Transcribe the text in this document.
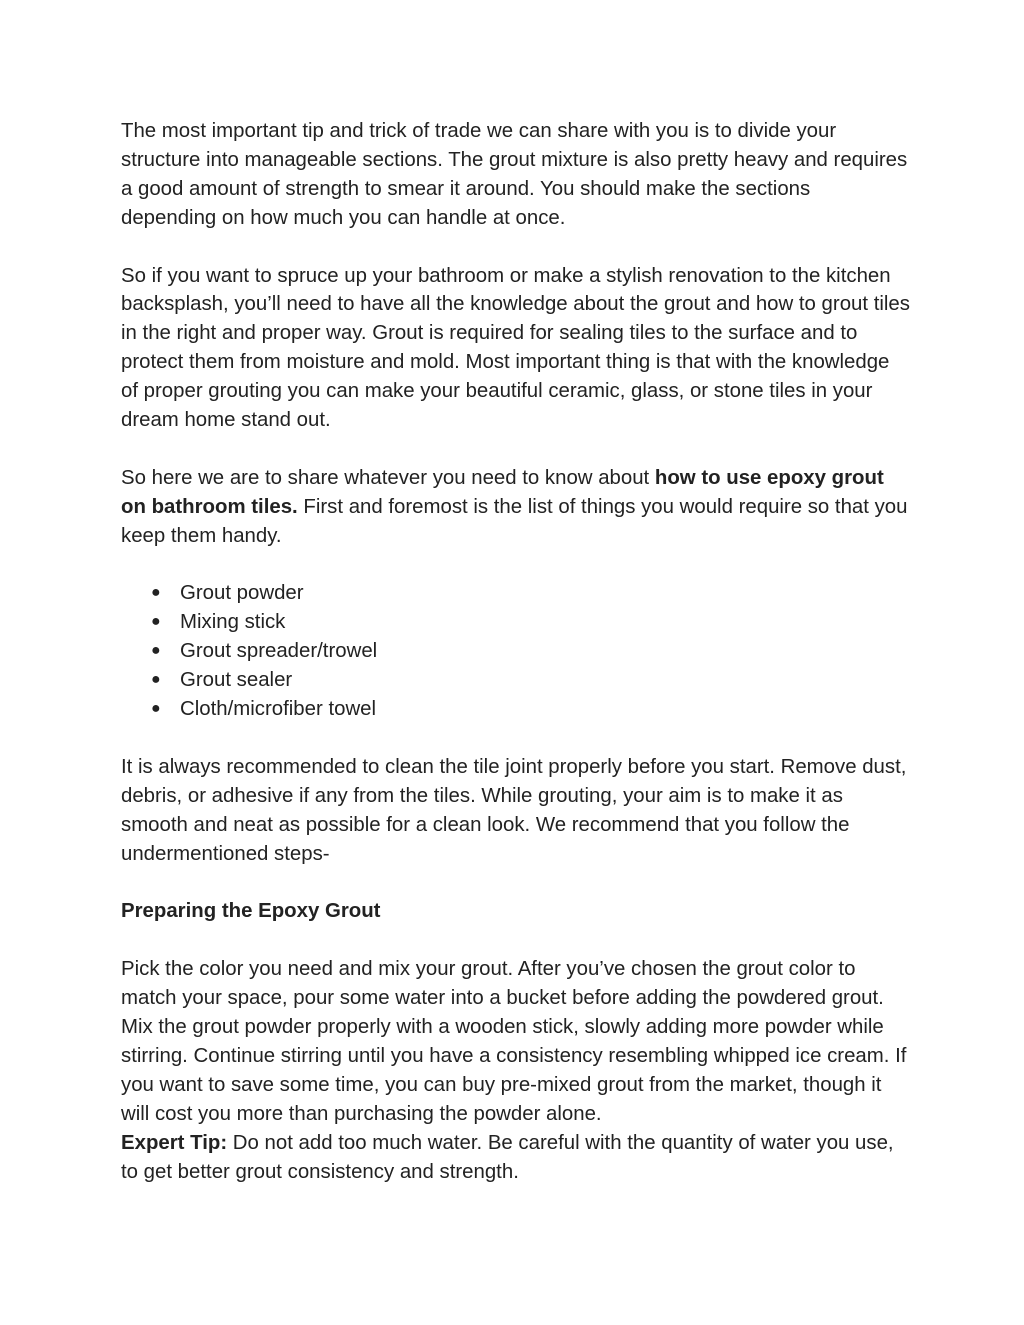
The most important tip and trick of trade we can share with you is to divide your structure into manageable sections. The grout mixture is also pretty heavy and requires a good amount of strength to smear it around. You should make the sections depending on how much you can handle at once.

So if you want to spruce up your bathroom or make a stylish renovation to the kitchen backsplash, you’ll need to have all the knowledge about the grout and how to grout tiles in the right and proper way. Grout is required for sealing tiles to the surface and to protect them from moisture and mold. Most important thing is that with the knowledge of proper grouting you can make your beautiful ceramic, glass, or stone tiles in your dream home stand out.

So here we are to share whatever you need to know about how to use epoxy grout on bathroom tiles. First and foremost is the list of things you would require so that you keep them handy.

● Grout powder
● Mixing stick
● Grout spreader/trowel
● Grout sealer
● Cloth/microfiber towel

It is always recommended to clean the tile joint properly before you start. Remove dust, debris, or adhesive if any from the tiles. While grouting, your aim is to make it as smooth and neat as possible for a clean look. We recommend that you follow the undermentioned steps-

Preparing the Epoxy Grout

Pick the color you need and mix your grout. After you’ve chosen the grout color to match your space, pour some water into a bucket before adding the powdered grout. Mix the grout powder properly with a wooden stick, slowly adding more powder while stirring. Continue stirring until you have a consistency resembling whipped ice cream. If you want to save some time, you can buy pre-mixed grout from the market, though it will cost you more than purchasing the powder alone.
Expert Tip: Do not add too much water. Be careful with the quantity of water you use, to get better grout consistency and strength.
